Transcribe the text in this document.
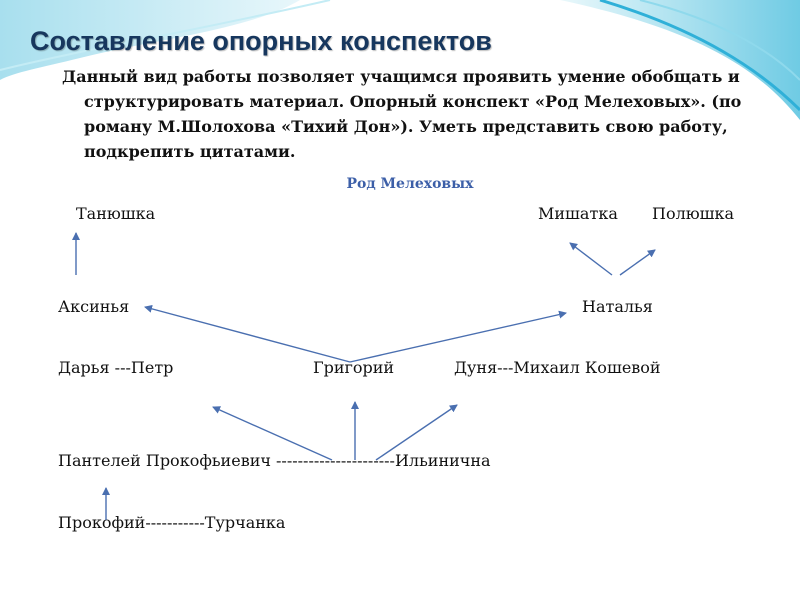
Составление опорных конспектов
Данный вид работы позволяет учащимся проявить умение обобщать и структурировать материал. Опорный конспект «Род Мелеховых». (по роману М.Шолохова «Тихий Дон»). Уметь представить свою работу, подкрепить цитатами.
Род Мелеховых
Танюшка	Мишатка Полюшка
Аксинья	Наталья
Дарья ---Петр	Григорий	Дуня---Михаил Кошевой
Пантелей Прокофьиевич ----------------------Ильинична
Прокофий-----------Турчанка
